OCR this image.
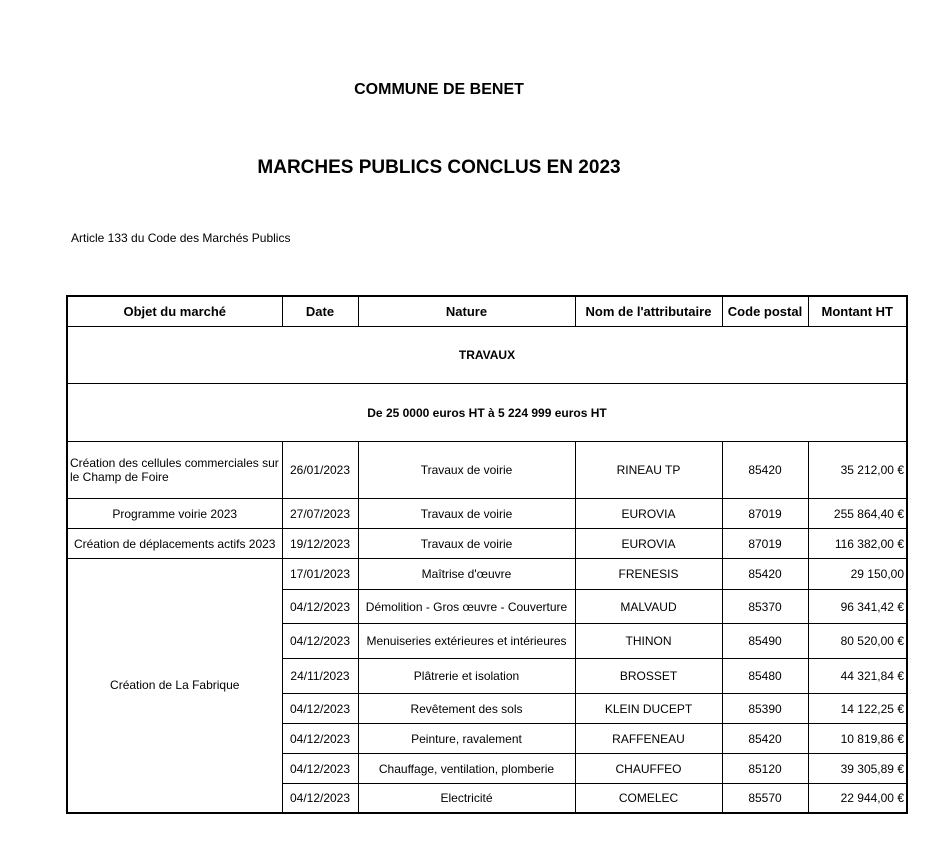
COMMUNE DE BENET
MARCHES PUBLICS CONCLUS EN 2023
Article 133 du Code des Marchés Publics
Objet du marché	Date	Nature	Nom de l'attributaire	Code postal	Montant HT
TRAVAUX					
De 25 0000 euros HT à 5 224 999 euros HT					
Création des cellules commerciales sur le Champ de Foire	26/01/2023	Travaux de voirie	RINEAU TP	85420	35 212,00 €
Programme voirie 2023	27/07/2023	Travaux de voirie	EUROVIA	87019	255 864,40 €
Création de déplacements actifs 2023	19/12/2023	Travaux de voirie	EUROVIA	87019	116 382,00 €
Création de La Fabrique	17/01/2023	Maîtrise d'œuvre	FRENESIS	85420	29 150,00
	04/12/2023	Démolition - Gros œuvre - Couverture	MALVAUD	85370	96 341,42 €
	04/12/2023	Menuiseries extérieures et intérieures	THINON	85490	80 520,00 €
	24/11/2023	Plâtrerie et isolation	BROSSET	85480	44 321,84 €
	04/12/2023	Revêtement des sols	KLEIN DUCEPT	85390	14 122,25 €
	04/12/2023	Peinture, ravalement	RAFFENEAU	85420	10 819,86 €
	04/12/2023	Chauffage, ventilation, plomberie	CHAUFFEO	85120	39 305,89 €
	04/12/2023	Electricité	COMELEC	85570	22 944,00 €
